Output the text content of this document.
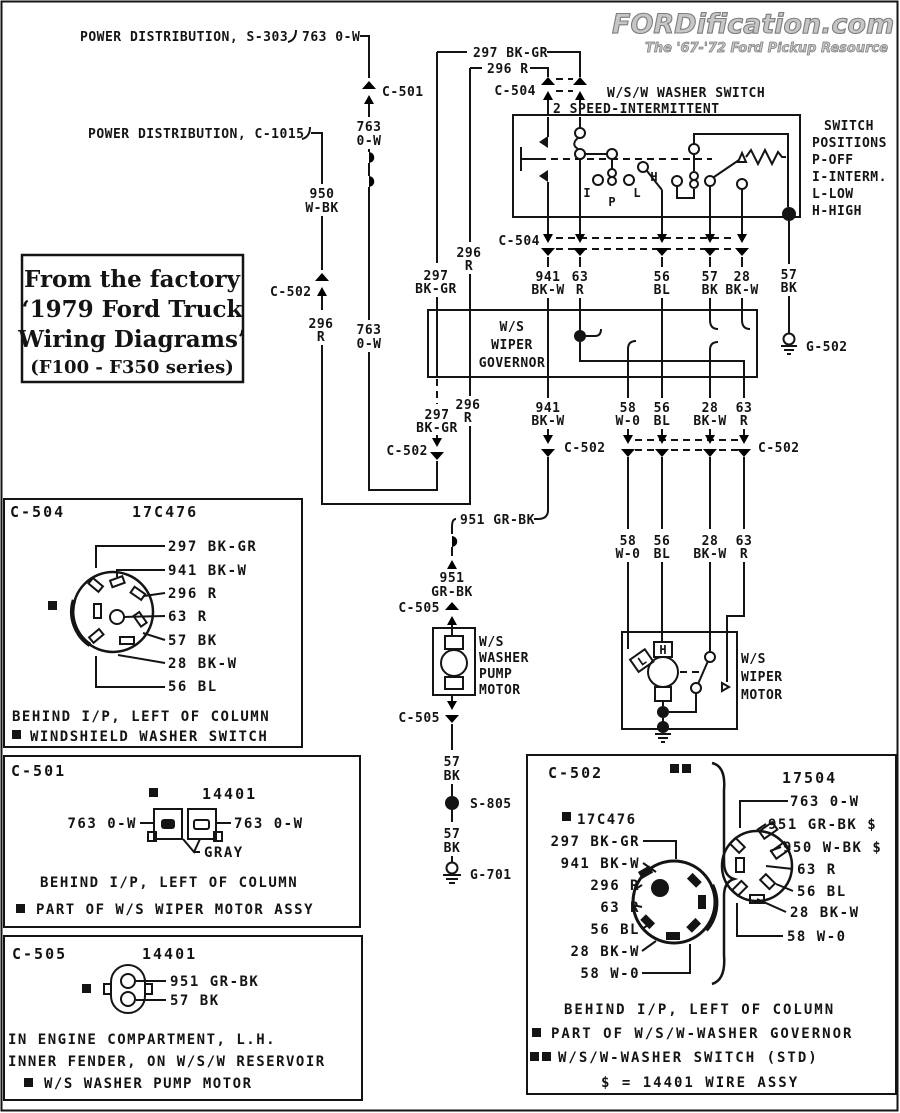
FORDification.com
The '67-'72 Ford Pickup Resource
POWER DISTRIBUTION, S-303 763 0-W
POWER DISTRIBUTION, C-1015
C-501
763
0-W
763
0-W
950
W-BK
C-502
296
R
297 BK-GR
297
BK-GR
297
BK-GR
C-502
296 R
296
R
296
R
C-504	W/S/W WASHER SWITCH
2 SPEED-INTERMITTENT
I
P
L
H
SWITCH
POSITIONS
P-OFF
I-INTERM.
L-LOW
H-HIGH
57
BK
G-502
C-504
941
BK-W
63
R
56
BL
57
BK
28
BK-W
W/S
WIPER
GOVERNOR
941
BK-W
C-502
951 GR-BK
951
GR-BK
C-505
W/S
WASHER
PUMP
MOTOR
C-505
57
BK
S-805
57
BK
G-701
58
W-0
56
BL
28
BK-W
63
R
C-502
58
W-0
56
BL
28
BK-W
63
R
L
H
W/S
WIPER
MOTOR
From the factory
‘1979 Ford Truck
Wiring Diagrams’
(F100 - F350 series)
C-504	17C476
297 BK-GR
941 BK-W
296 R
63 R
57 BK
28 BK-W
56 BL
BEHIND I/P, LEFT OF COLUMN
WINDSHIELD WASHER SWITCH
C-501
14401
763 0-W	763 0-W
GRAY
BEHIND I/P, LEFT OF COLUMN
PART OF W/S WIPER MOTOR ASSY
C-505	14401
951 GR-BK
57 BK
IN ENGINE COMPARTMENT, L.H.
INNER FENDER, ON W/S/W RESERVOIR
W/S WASHER PUMP MOTOR
C-502	17504
17C476
297 BK-GR
941 BK-W
296 R
63 R
56 BL
28 BK-W
58 W-0
763 0-W
951 GR-BK $
950 W-BK $
63 R
56 BL
28 BK-W
58 W-0
BEHIND I/P, LEFT OF COLUMN
PART OF W/S/W-WASHER GOVERNOR
W/S/W-WASHER SWITCH (STD)
$ = 14401 WIRE ASSY
